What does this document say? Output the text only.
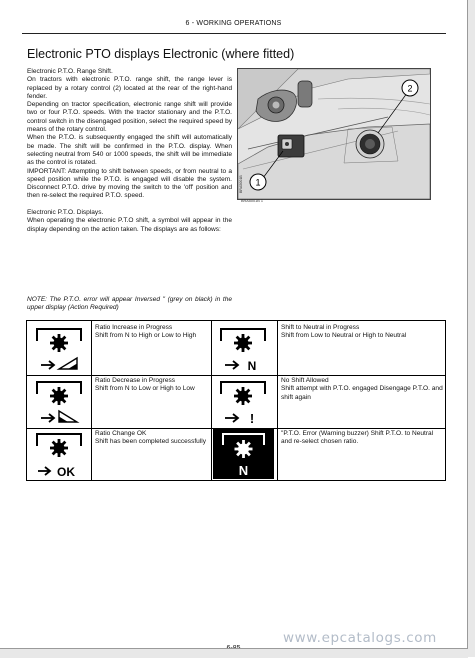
6 - WORKING OPERATIONS
Electronic PTO displays Electronic (where fitted)

Electronic P.T.O. Range Shift.

On tractors with electronic P.T.O. range shift, the range lever is replaced by a rotary control (2) located at the rear of the right-hand fender.

Depending on tractor specification, electronic range shift will provide two or four P.T.O. speeds. With the tractor stationary and the P.T.O. control switch in the disengaged position, select the required speed by means of the rotary control.

When the P.T.O. is subsequently engaged the shift will automatically be made. The shift will be confirmed in the P.T.O. display. When selecting neutral from 540 or 1000 speeds, the shift will be immediate as the control is rotated.

IMPORTANT: Attempting to shift between speeds, or from neutral to a speed position while the P.T.O. is engaged will disable the system. Disconnect P.T.O. drive by moving the switch to the 'off' position and then re-select the required P.T.O. speed.

Electronic P.T.O. Displays.

When operating the electronic P.T.O shift, a symbol will appear in the display depending on the action taken. The displays are as follows:

NOTE: The P.T.O. error will appear Inversed " (grey on black) in the upper display (Action Required)

1
2
BRA5001B
BRA5001B 1

Ratio Increase in Progress

Shift from N to High or Low to High

N

Shift to Neutral in Progress

Shift from Low to Neutral or High to Neutral

Ratio Decrease in Progress

Shift from N to Low or High to Low

!

No Shift Allowed

Shift attempt with P.T.O. engaged Disengage P.T.O. and shift again

OK

Ratio Change OK

Shift has been completed successfully

N

"P.T.O. Error (Warning buzzer) Shift P.T.O. to Neutral and re-select chosen ratio.

www.epcatalogs.com
